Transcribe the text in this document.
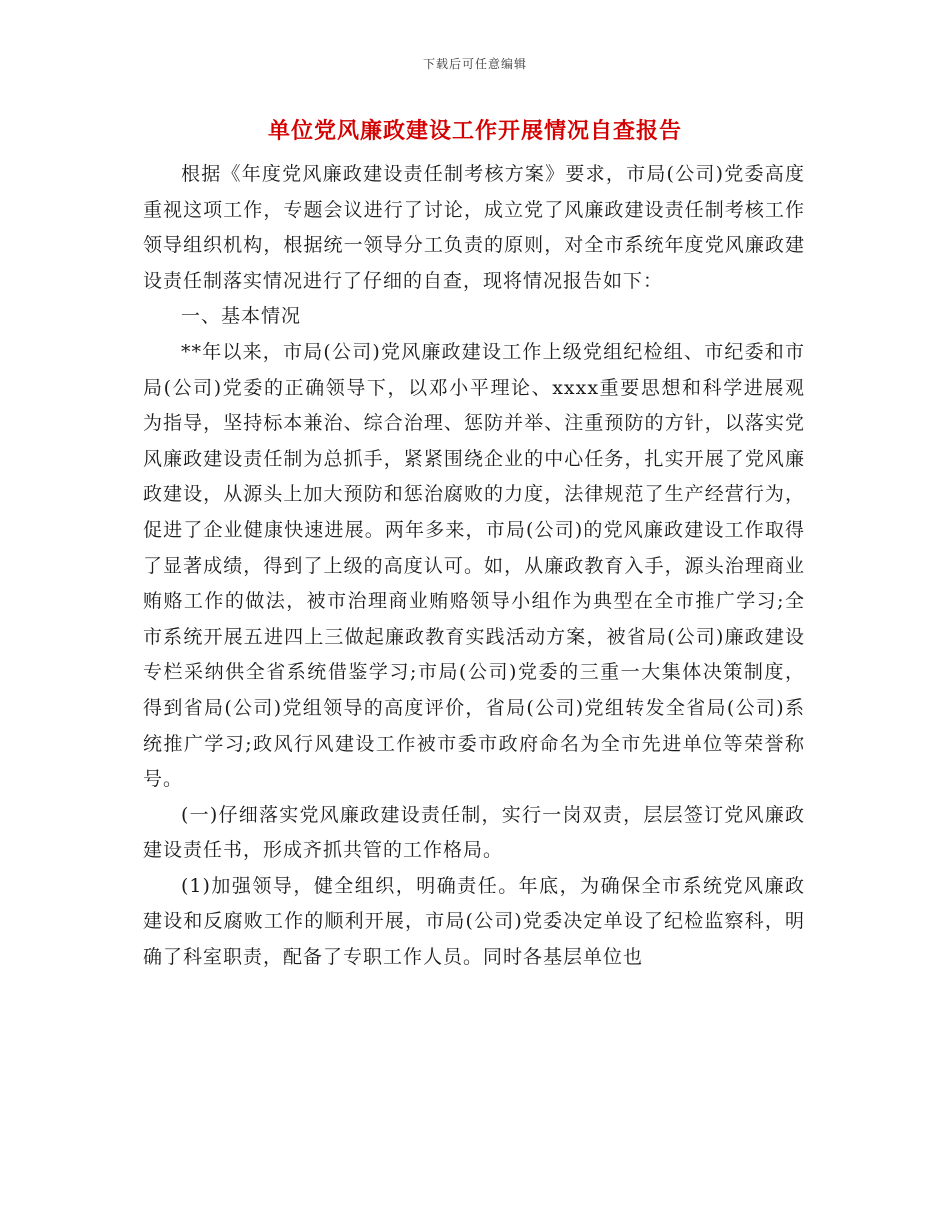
下载后可任意编辑
单位党风廉政建设工作开展情况自查报告

根据《年度党风廉政建设责任制考核方案》要求，市局(公司)党委高度重视这项工作，专题会议进行了讨论，成立党了风廉政建设责任制考核工作领导组织机构，根据统一领导分工负责的原则，对全市系统年度党风廉政建设责任制落实情况进行了仔细的自查，现将情况报告如下：

一、基本情况

**年以来，市局(公司)党风廉政建设工作上级党组纪检组、市纪委和市局(公司)党委的正确领导下，以邓小平理论、xxxx重要思想和科学进展观为指导，坚持标本兼治、综合治理、惩防并举、注重预防的方针，以落实党风廉政建设责任制为总抓手，紧紧围绕企业的中心任务，扎实开展了党风廉政建设，从源头上加大预防和惩治腐败的力度，法律规范了生产经营行为，促进了企业健康快速进展。两年多来，市局(公司)的党风廉政建设工作取得了显著成绩，得到了上级的高度认可。如，从廉政教育入手，源头治理商业贿赂工作的做法，被市治理商业贿赂领导小组作为典型在全市推广学习;全市系统开展五进四上三做起廉政教育实践活动方案，被省局(公司)廉政建设专栏采纳供全省系统借鉴学习;市局(公司)党委的三重一大集体决策制度，得到省局(公司)党组领导的高度评价，省局(公司)党组转发全省局(公司)系统推广学习;政风行风建设工作被市委市政府命名为全市先进单位等荣誉称号。

(一)仔细落实党风廉政建设责任制，实行一岗双责，层层签订党风廉政建设责任书，形成齐抓共管的工作格局。

(1)加强领导，健全组织，明确责任。年底，为确保全市系统党风廉政建设和反腐败工作的顺利开展，市局(公司)党委决定单设了纪检监察科，明确了科室职责，配备了专职工作人员。同时各基层单位也
